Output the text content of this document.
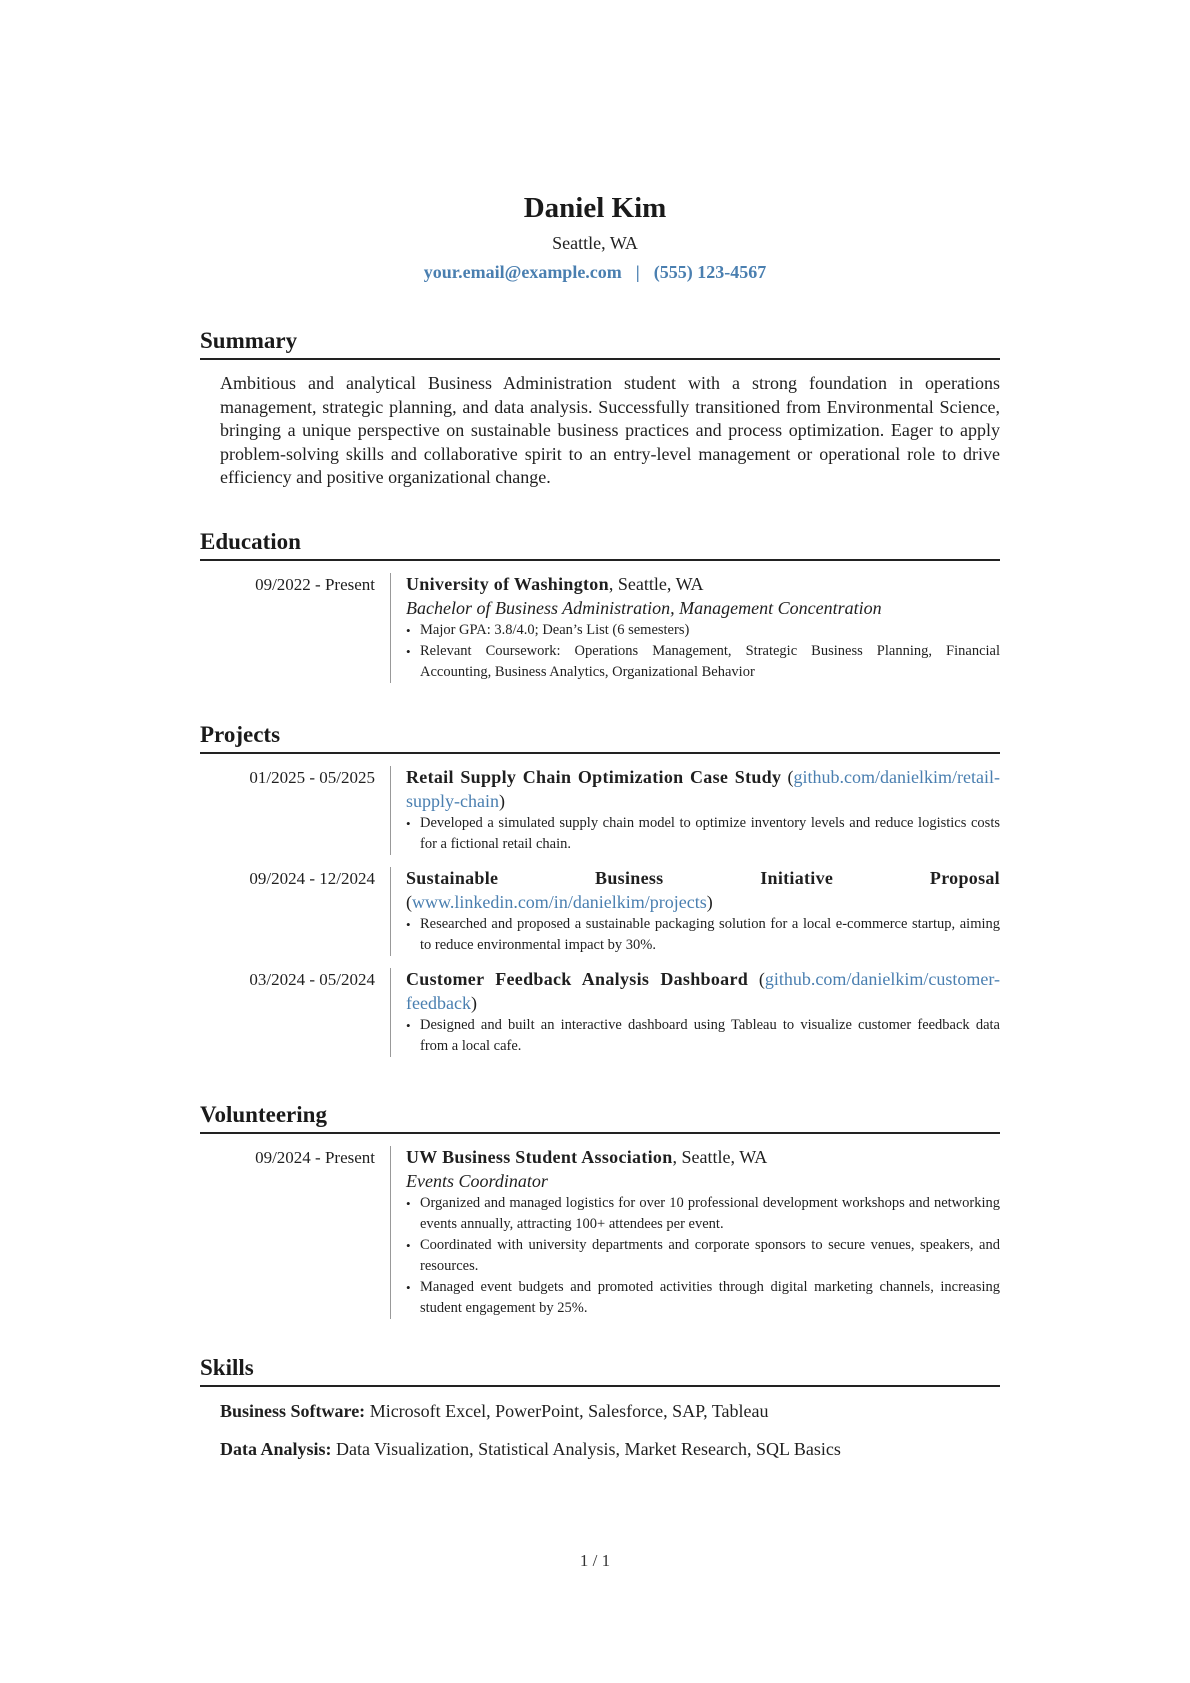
Daniel Kim
Seattle, WA
your.email@example.com | (555) 123-4567
Summary
Ambitious and analytical Business Administration student with a strong foundation in operations management, strategic planning, and data analysis. Successfully transitioned from Environmental Science, bringing a unique perspective on sustainable business practices and process optimization. Eager to apply problem-solving skills and collaborative spirit to an entry-level management or operational role to drive efficiency and positive organizational change.
Education
09/2022 - Present	University of Washington, Seattle, WA
Bachelor of Business Administration, Management Concentration
• Major GPA: 3.8/4.0; Dean’s List (6 semesters)
• Relevant Coursework: Operations Management, Strategic Business Planning, Financial Accounting, Business Analytics, Organizational Behavior
Projects
01/2025 - 05/2025	Retail Supply Chain Optimization Case Study (github.com/danielkim/retail-supply-chain)
• Developed a simulated supply chain model to optimize inventory levels and reduce logistics costs for a fictional retail chain.
09/2024 - 12/2024	Sustainable Business Initiative Proposal (www.linkedin.com/in/danielkim/projects)
• Researched and proposed a sustainable packaging solution for a local e-commerce startup, aiming to reduce environmental impact by 30%.
03/2024 - 05/2024	Customer Feedback Analysis Dashboard (github.com/danielkim/customer-feedback)
• Designed and built an interactive dashboard using Tableau to visualize customer feedback data from a local cafe.
Volunteering
09/2024 - Present	UW Business Student Association, Seattle, WA
Events Coordinator
• Organized and managed logistics for over 10 professional development workshops and networking events annually, attracting 100+ attendees per event.
• Coordinated with university departments and corporate sponsors to secure venues, speakers, and resources.
• Managed event budgets and promoted activities through digital marketing channels, increasing student engagement by 25%.
Skills
Business Software: Microsoft Excel, PowerPoint, Salesforce, SAP, Tableau
Data Analysis: Data Visualization, Statistical Analysis, Market Research, SQL Basics
1 / 1
